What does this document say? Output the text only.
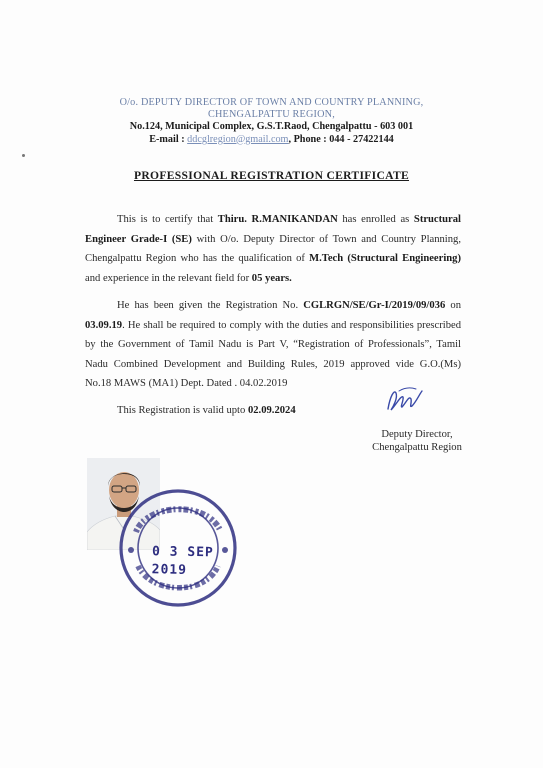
O/o. DEPUTY DIRECTOR OF TOWN AND COUNTRY PLANNING,
CHENGALPATTU REGION,
No.124, Municipal Complex, G.S.T.Raod, Chengalpattu - 603 001
E-mail : ddcglregion@gmail.com, Phone : 044 - 27422144
PROFESSIONAL REGISTRATION CERTIFICATE
This is to certify that Thiru. R.MANIKANDAN has enrolled as Structural Engineer Grade-I (SE) with O/o. Deputy Director of Town and Country Planning, Chengalpattu Region who has the qualification of M.Tech (Structural Engineering) and experience in the relevant field for 05 years.
He has been given the Registration No. CGLRGN/SE/Gr-I/2019/09/036 on 03.09.19. He shall be required to comply with the duties and responsibilities prescribed by the Government of Tamil Nadu is Part V, “Registration of Professionals”, Tamil Nadu Combined Development and Building Rules, 2019 approved vide G.O.(Ms) No.18 MAWS (MA1) Dept. Dated . 04.02.2019
This Registration is valid upto 02.09.2024
Deputy Director,
Chengalpattu Region
0 3 SEP 2019
